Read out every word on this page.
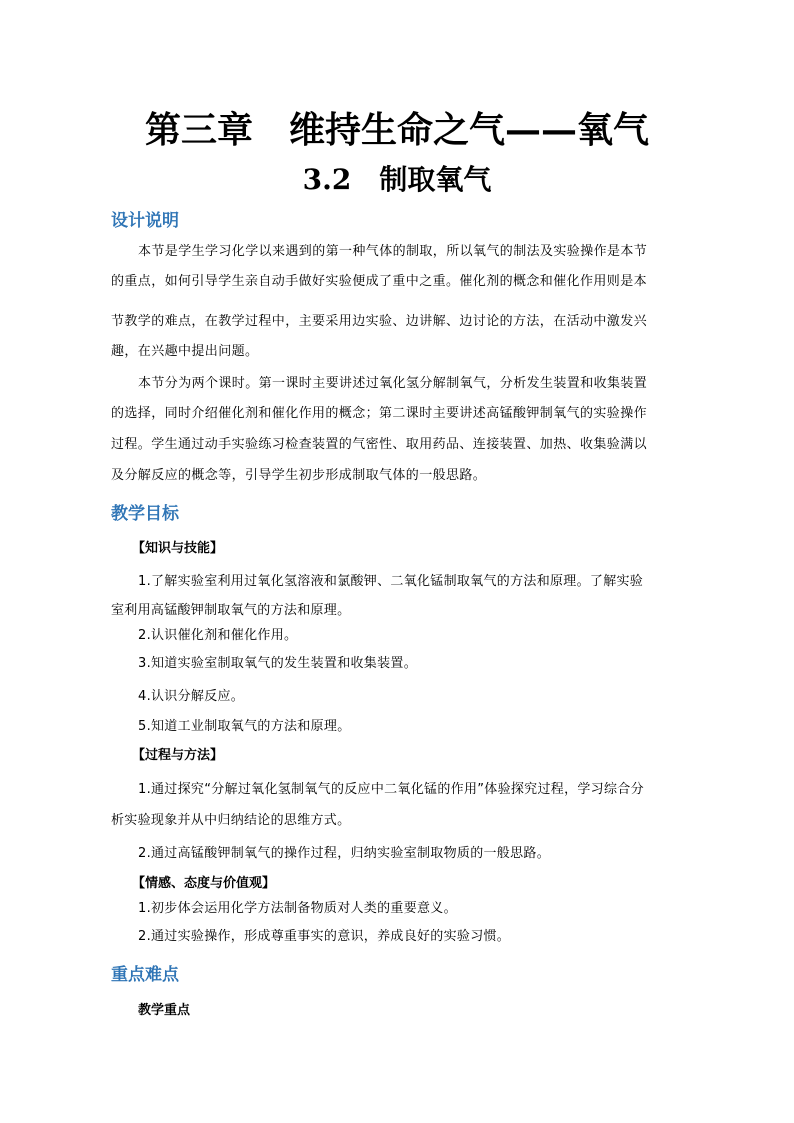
第三章　维持生命之气——氧气
3.2　制取氧气
设计说明
本节是学生学习化学以来遇到的第一种气体的制取，所以氧气的制法及实验操作是本节
的重点，如何引导学生亲自动手做好实验便成了重中之重。催化剂的概念和催化作用则是本
节教学的难点，在教学过程中，主要采用边实验、边讲解、边讨论的方法，在活动中激发兴
趣，在兴趣中提出问题。
本节分为两个课时。第一课时主要讲述过氧化氢分解制氧气，分析发生装置和收集装置
的选择，同时介绍催化剂和催化作用的概念；第二课时主要讲述高锰酸钾制氧气的实验操作
过程。学生通过动手实验练习检查装置的气密性、取用药品、连接装置、加热、收集验满以
及分解反应的概念等，引导学生初步形成制取气体的一般思路。
教学目标
【知识与技能】
1.了解实验室利用过氧化氢溶液和氯酸钾、二氧化锰制取氧气的方法和原理。了解实验
室利用高锰酸钾制取氧气的方法和原理。
2.认识催化剂和催化作用。
3.知道实验室制取氧气的发生装置和收集装置。
4.认识分解反应。
5.知道工业制取氧气的方法和原理。
【过程与方法】
1.通过探究“分解过氧化氢制氧气的反应中二氧化锰的作用”体验探究过程，学习综合分
析实验现象并从中归纳结论的思维方式。
2.通过高锰酸钾制氧气的操作过程，归纳实验室制取物质的一般思路。
【情感、态度与价值观】
1.初步体会运用化学方法制备物质对人类的重要意义。
2.通过实验操作，形成尊重事实的意识，养成良好的实验习惯。
重点难点
教学重点
